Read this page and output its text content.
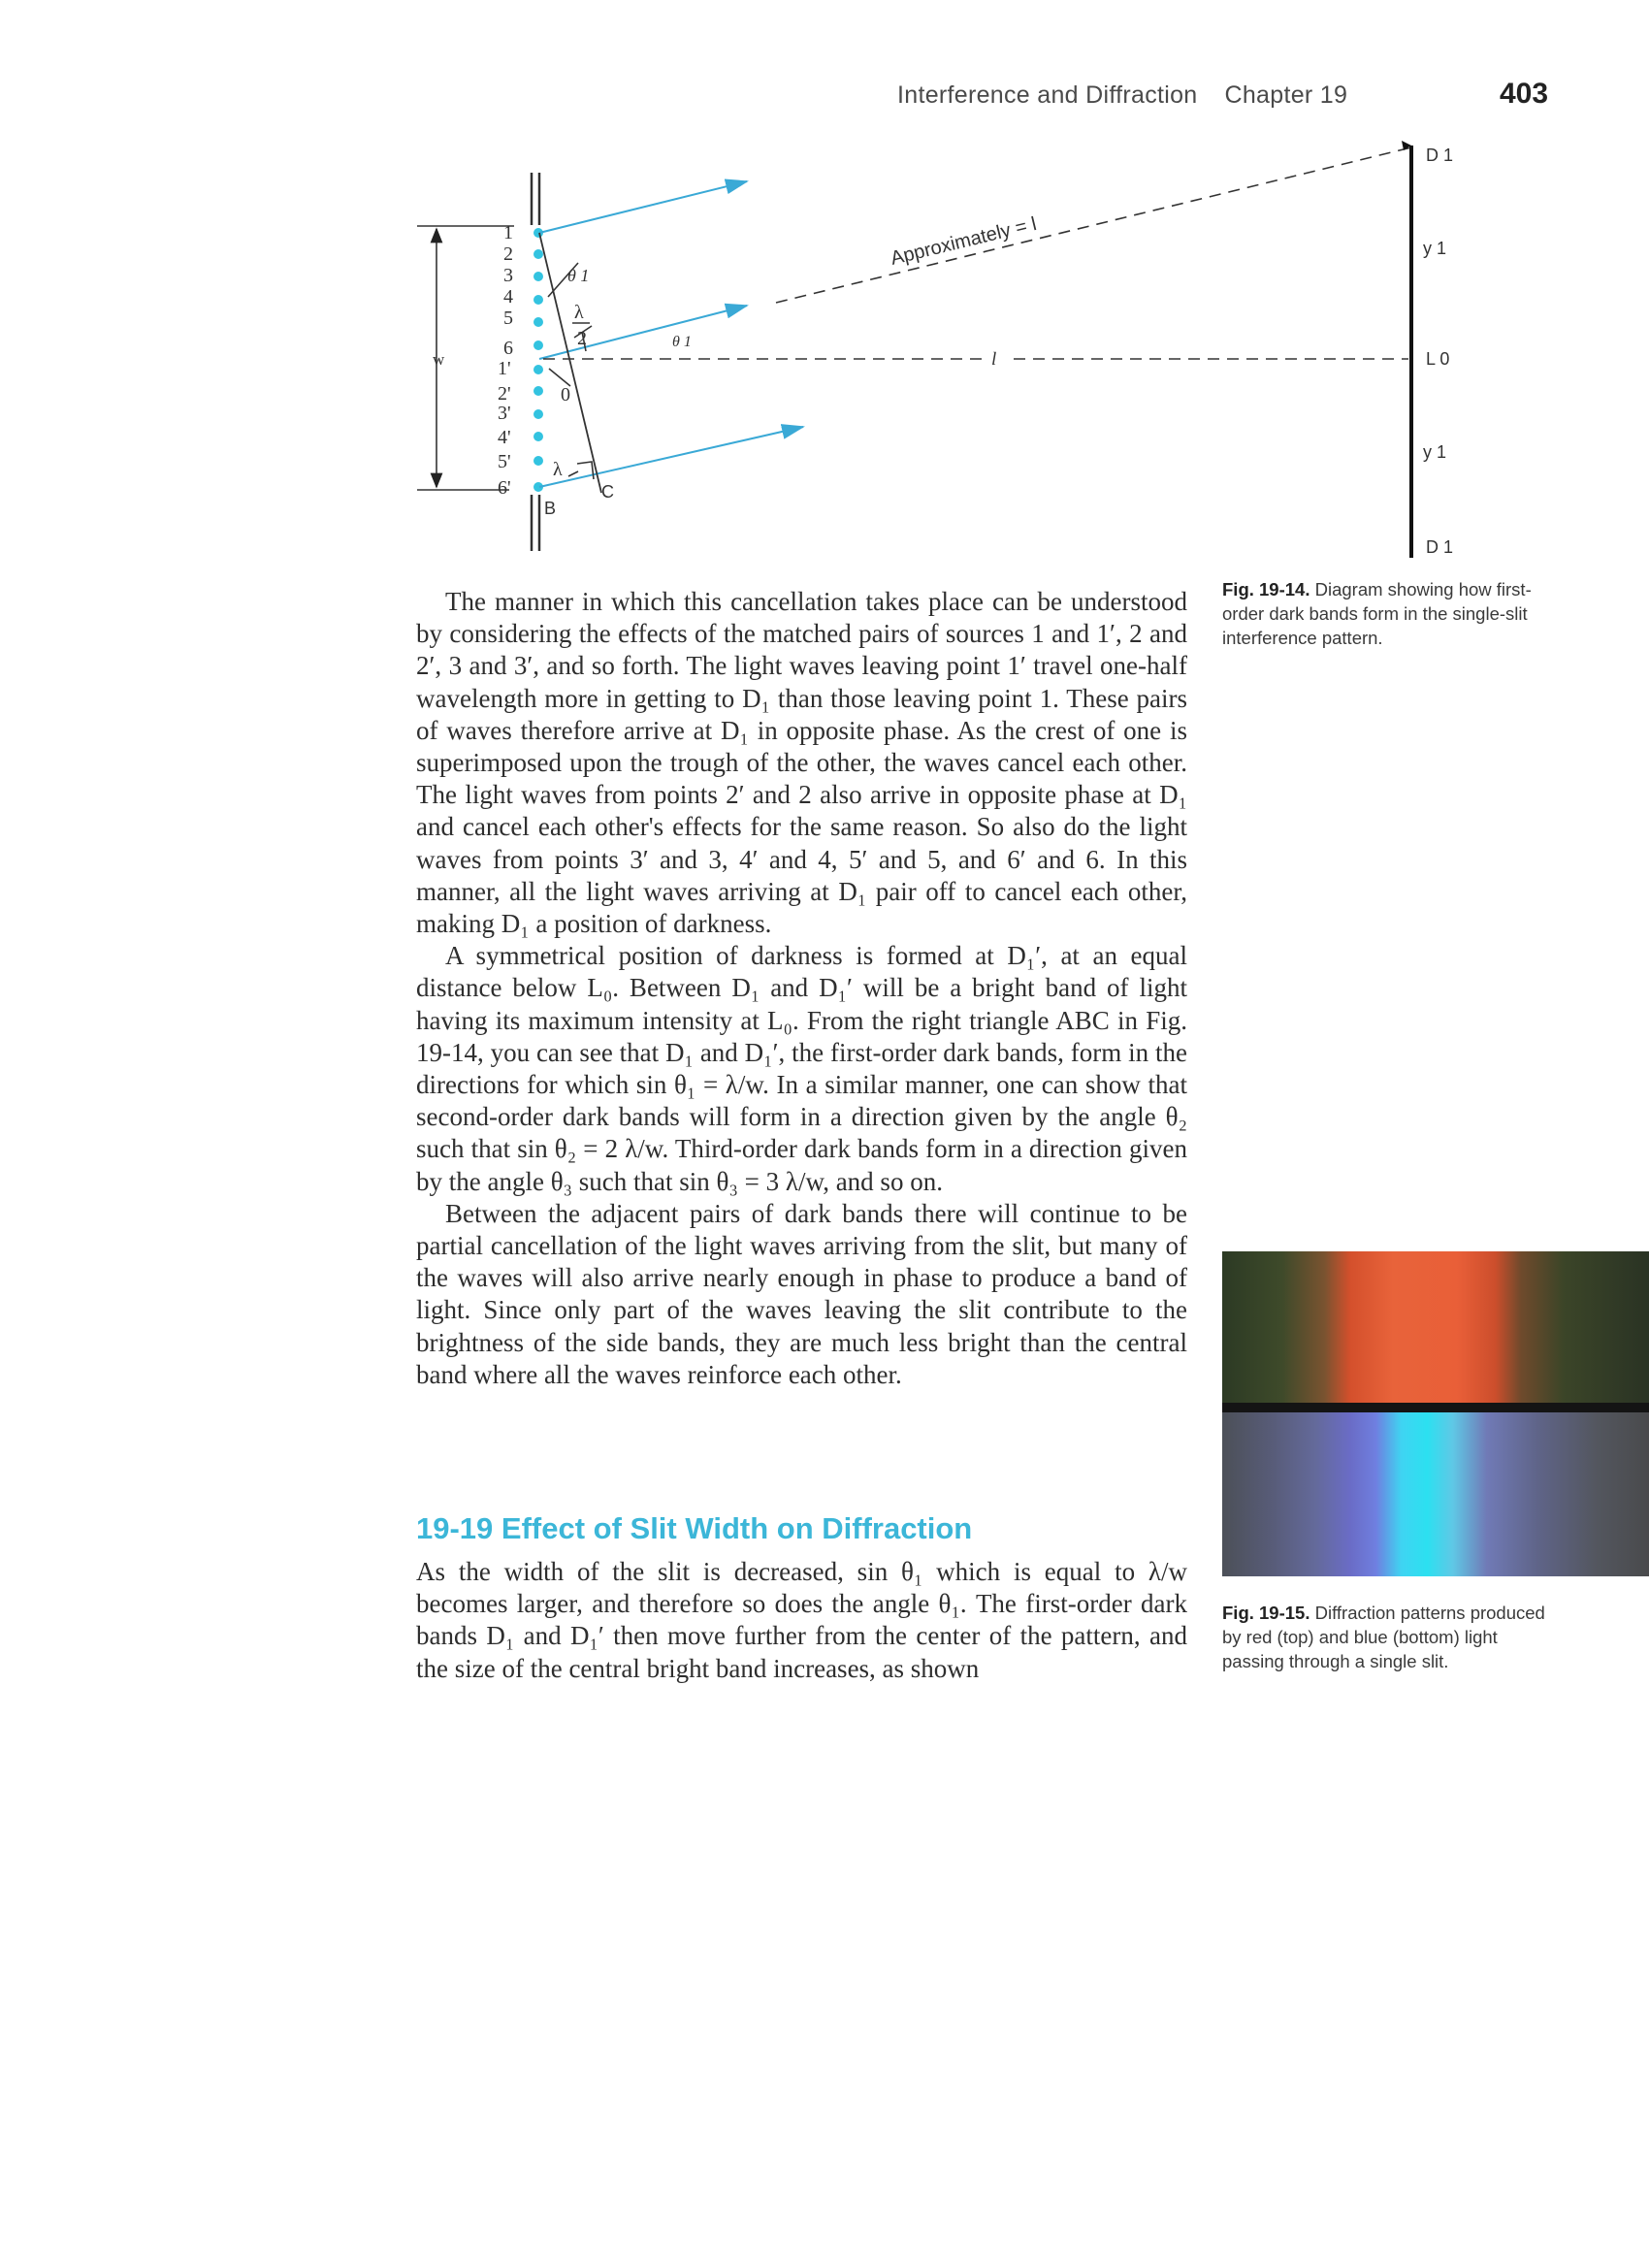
Interference and Diffraction Chapter 19	403
w
1
2
3
4
5
6
1'
2'
3'
4'
5'
6'
θ 1
λ
2
0
λ
B
C
Approximately = l
l
θ 1
D 1
y 1
L 0
y 1
D 1
Fig. 19-14. Diagram showing how first-order dark bands form in the single-slit interference pattern.

The manner in which this cancellation takes place can be understood by considering the effects of the matched pairs of sources 1 and 1′, 2 and 2′, 3 and 3′, and so forth. The light waves leaving point 1′ travel one-half wavelength more in getting to D₁ than those leaving point 1. These pairs of waves therefore arrive at D₁ in opposite phase. As the crest of one is superimposed upon the trough of the other, the waves cancel each other. The light waves from points 2′ and 2 also arrive in opposite phase at D₁ and cancel each other's effects for the same reason. So also do the light waves from points 3′ and 3, 4′ and 4, 5′ and 5, and 6′ and 6. In this manner, all the light waves arriving at D₁ pair off to cancel each other, making D₁ a position of darkness.

A symmetrical position of darkness is formed at D₁′, at an equal distance below L₀. Between D₁ and D₁′ will be a bright band of light having its maximum intensity at L₀. From the right triangle ABC in Fig. 19-14, you can see that D₁ and D₁′, the first-order dark bands, form in the directions for which sin θ₁ = λ/w. In a similar manner, one can show that second-order dark bands will form in a direction given by the angle θ₂ such that sin θ₂ = 2 λ/w. Third-order dark bands form in a direction given by the angle θ₃ such that sin θ₃ = 3 λ/w, and so on.

Between the adjacent pairs of dark bands there will continue to be partial cancellation of the light waves arriving from the slit, but many of the waves will also arrive nearly enough in phase to produce a band of light. Since only part of the waves leaving the slit contribute to the brightness of the side bands, they are much less bright than the central band where all the waves reinforce each other.

19-19 Effect of Slit Width on Diffraction

As the width of the slit is decreased, sin θ₁ which is equal to λ/w becomes larger, and therefore so does the angle θ₁. The first-order dark bands D₁ and D₁′ then move further from the center of the pattern, and the size of the central bright band increases, as shown

Fig. 19-15. Diffraction patterns produced by red (top) and blue (bottom) light passing through a single slit.
